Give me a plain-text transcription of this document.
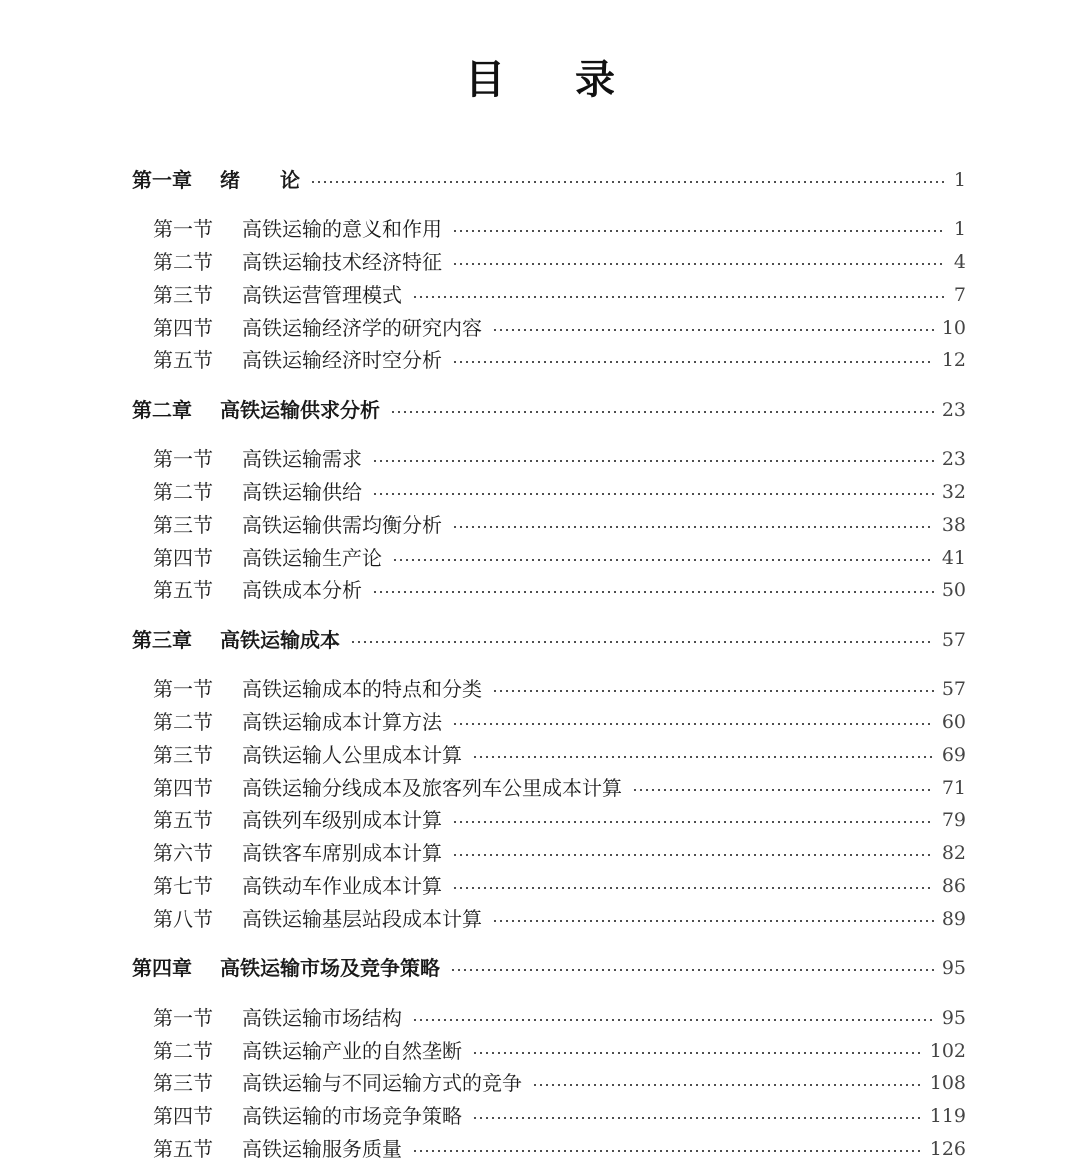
目 录
第一章	绪　　论	1
第一节	高铁运输的意义和作用	1
第二节	高铁运输技术经济特征	4
第三节	高铁运营管理模式	7
第四节	高铁运输经济学的研究内容	10
第五节	高铁运输经济时空分析	12
第二章	高铁运输供求分析	23
第一节	高铁运输需求	23
第二节	高铁运输供给	32
第三节	高铁运输供需均衡分析	38
第四节	高铁运输生产论	41
第五节	高铁成本分析	50
第三章	高铁运输成本	57
第一节	高铁运输成本的特点和分类	57
第二节	高铁运输成本计算方法	60
第三节	高铁运输人公里成本计算	69
第四节	高铁运输分线成本及旅客列车公里成本计算	71
第五节	高铁列车级别成本计算	79
第六节	高铁客车席别成本计算	82
第七节	高铁动车作业成本计算	86
第八节	高铁运输基层站段成本计算	89
第四章	高铁运输市场及竞争策略	95
第一节	高铁运输市场结构	95
第二节	高铁运输产业的自然垄断	102
第三节	高铁运输与不同运输方式的竞争	108
第四节	高铁运输的市场竞争策略	119
第五节	高铁运输服务质量	126
